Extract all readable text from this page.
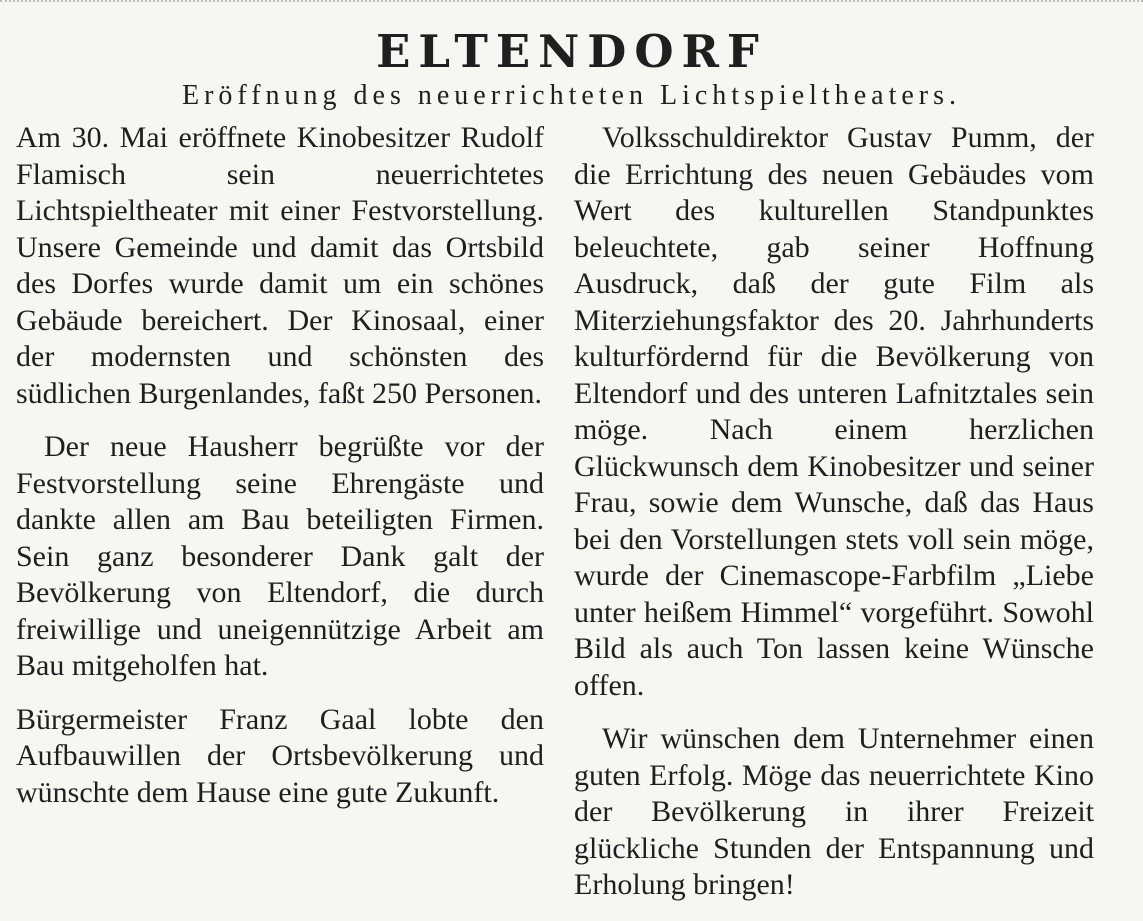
ELTENDORF
Eröffnung des neuerrichteten Lichtspieltheaters.

Am 30. Mai eröffnete Kinobesitzer Rudolf Flamisch sein neuerrichtetes Lichtspieltheater mit einer Festvorstellung. Unsere Gemeinde und damit das Ortsbild des Dorfes wurde damit um ein schönes Gebäude bereichert. Der Kinosaal, einer der modernsten und schönsten des südlichen Burgenlandes, faßt 250 Personen.

Der neue Hausherr begrüßte vor der Festvorstellung seine Ehrengäste und dankte allen am Bau beteiligten Firmen. Sein ganz besonderer Dank galt der Bevölkerung von Eltendorf, die durch freiwillige und uneigennützige Arbeit am Bau mitgeholfen hat.

Bürgermeister Franz Gaal lobte den Aufbauwillen der Ortsbevölkerung und wünschte dem Hause eine gute Zukunft.

Volksschuldirektor Gustav Pumm, der die Errichtung des neuen Gebäudes vom Wert des kulturellen Standpunktes beleuchtete, gab seiner Hoffnung Ausdruck, daß der gute Film als Miterziehungsfaktor des 20. Jahrhunderts kulturfördernd für die Bevölkerung von Eltendorf und des unteren Lafnitztales sein möge. Nach einem herzlichen Glückwunsch dem Kinobesitzer und seiner Frau, sowie dem Wunsche, daß das Haus bei den Vorstellungen stets voll sein möge, wurde der Cinemascope-Farbfilm „Liebe unter heißem Himmel“ vorgeführt. Sowohl Bild als auch Ton lassen keine Wünsche offen.

Wir wünschen dem Unternehmer einen guten Erfolg. Möge das neuerrichtete Kino der Bevölkerung in ihrer Freizeit glückliche Stunden der Entspannung und Erholung bringen!
